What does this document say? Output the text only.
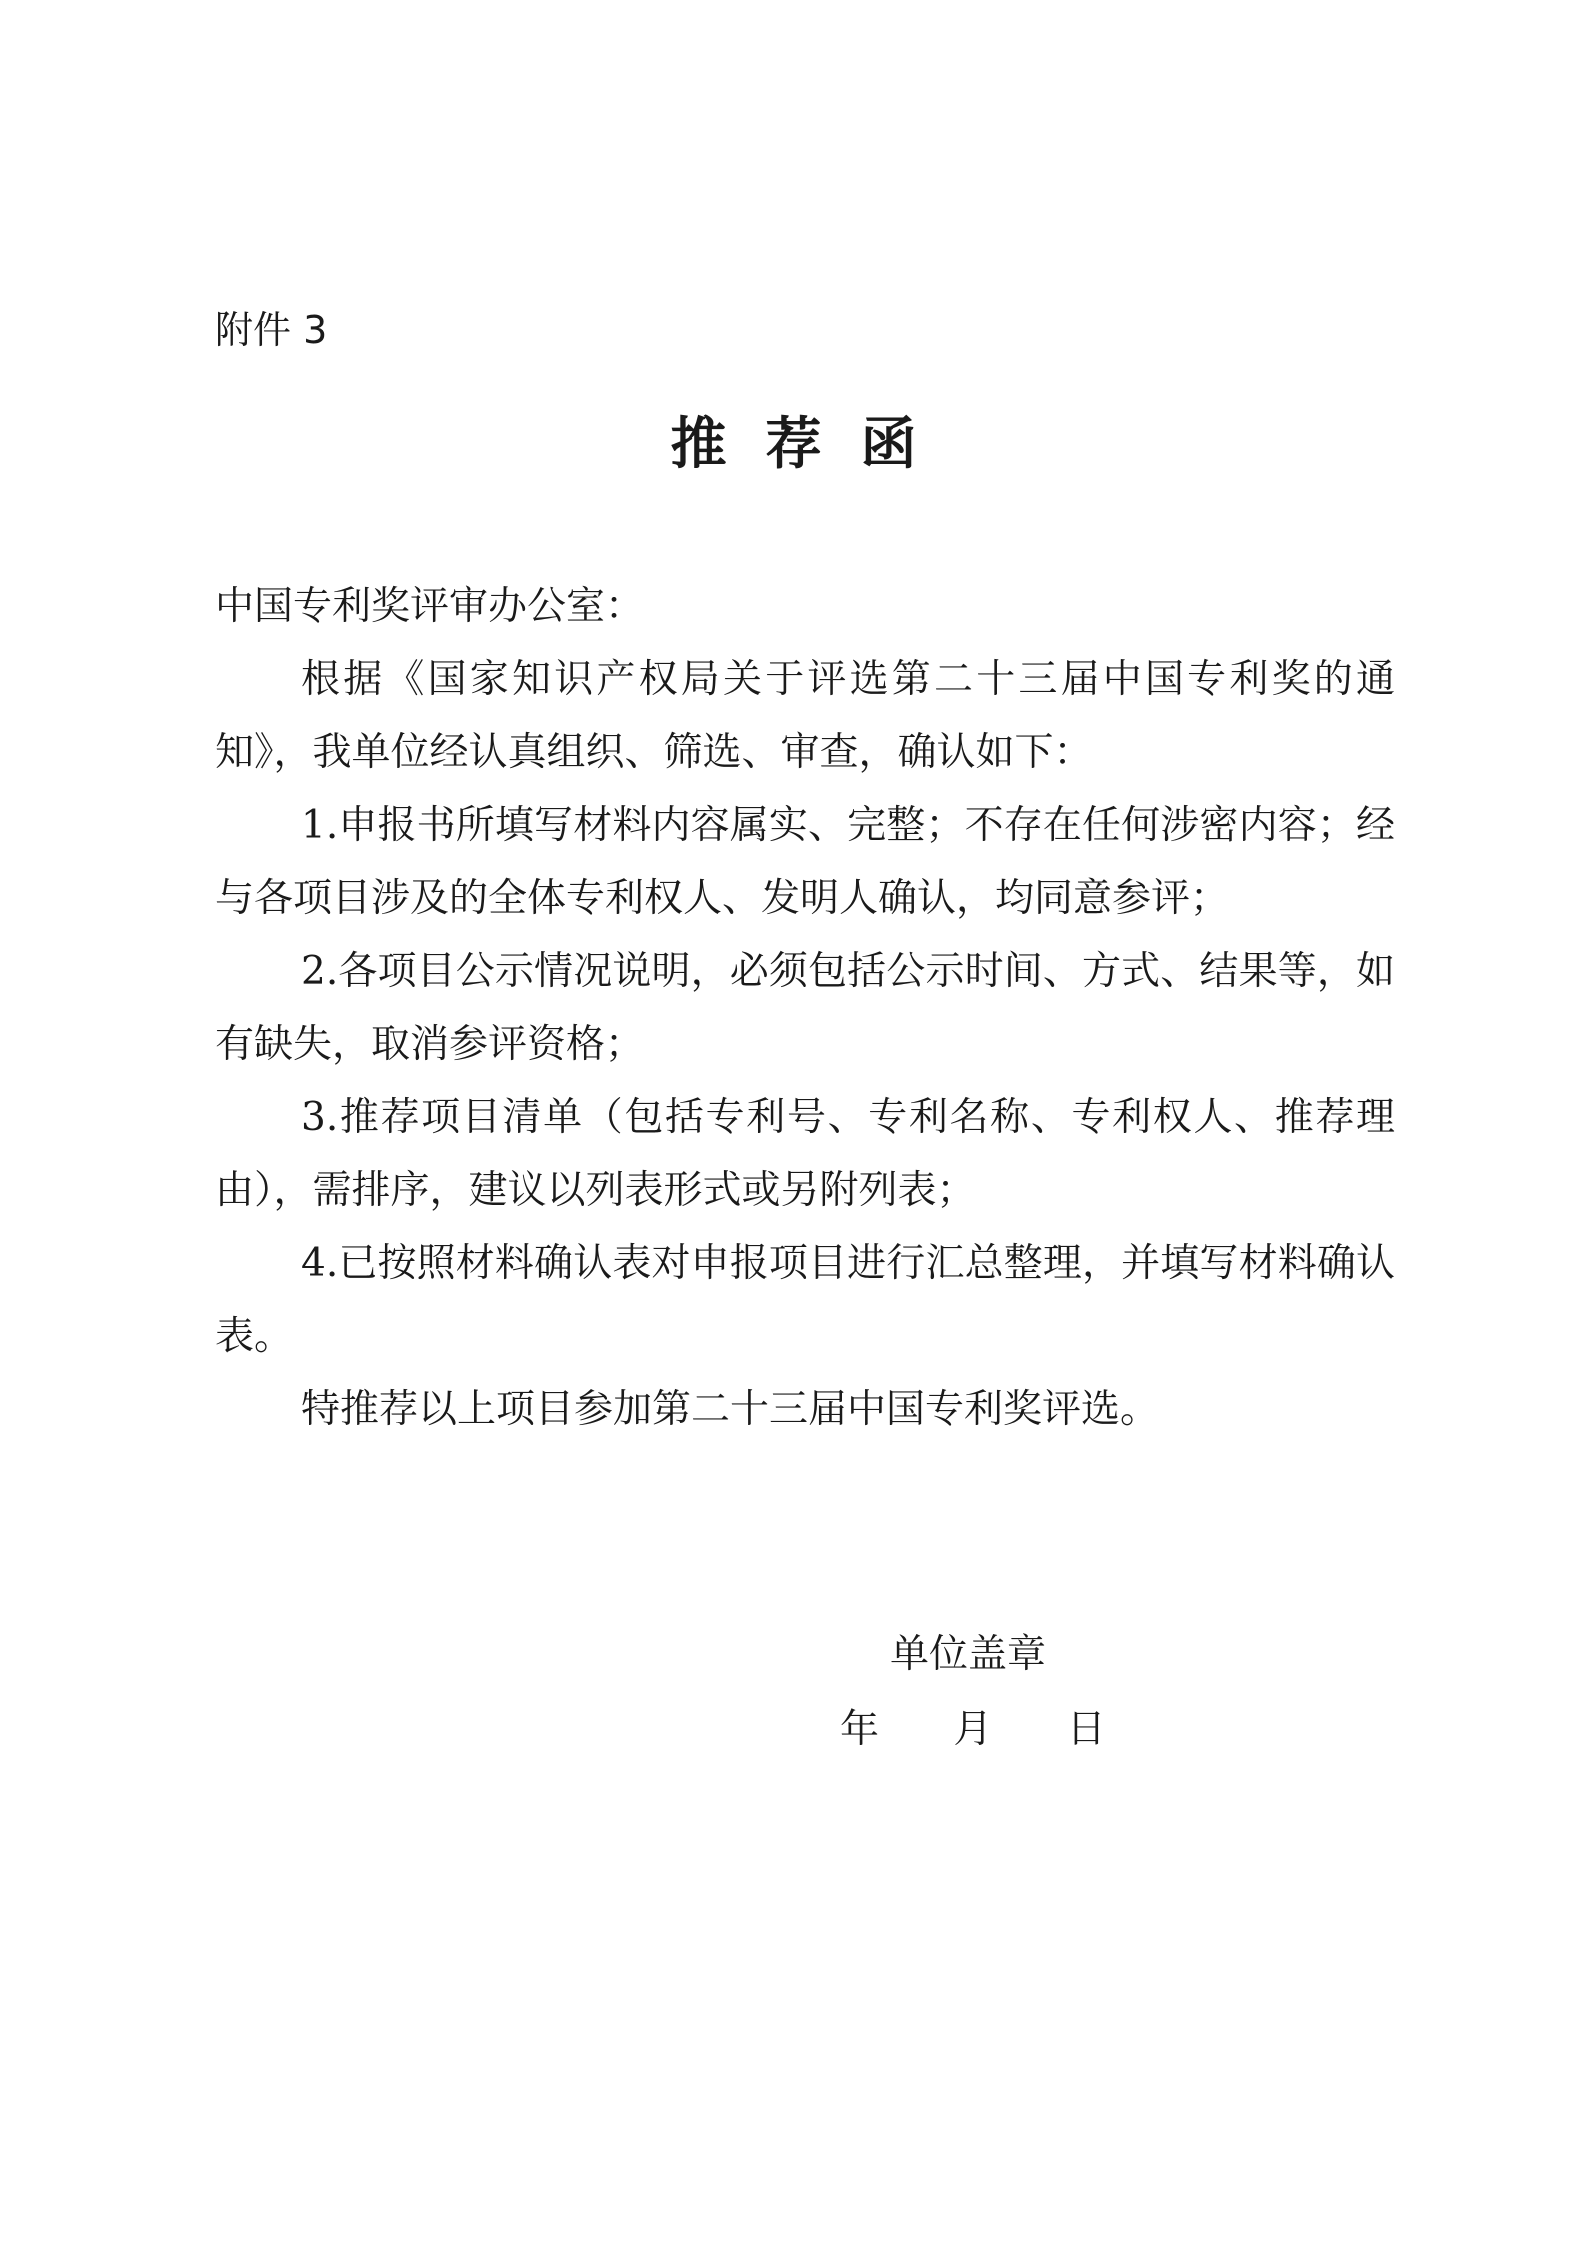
附件 3
推  荐  函

中国专利奖评审办公室：

根据《国家知识产权局关于评选第二十三届中国专利奖的通知》，我单位经认真组织、筛选、审查，确认如下：

1.申报书所填写材料内容属实、完整；不存在任何涉密内容；经与各项目涉及的全体专利权人、发明人确认，均同意参评；

2.各项目公示情况说明，必须包括公示时间、方式、结果等，如有缺失，取消参评资格；

3.推荐项目清单（包括专利号、专利名称、专利权人、推荐理由），需排序，建议以列表形式或另附列表；

4.已按照材料确认表对申报项目进行汇总整理，并填写材料确认表。

特推荐以上项目参加第二十三届中国专利奖评选。

单位盖章
年      月      日
